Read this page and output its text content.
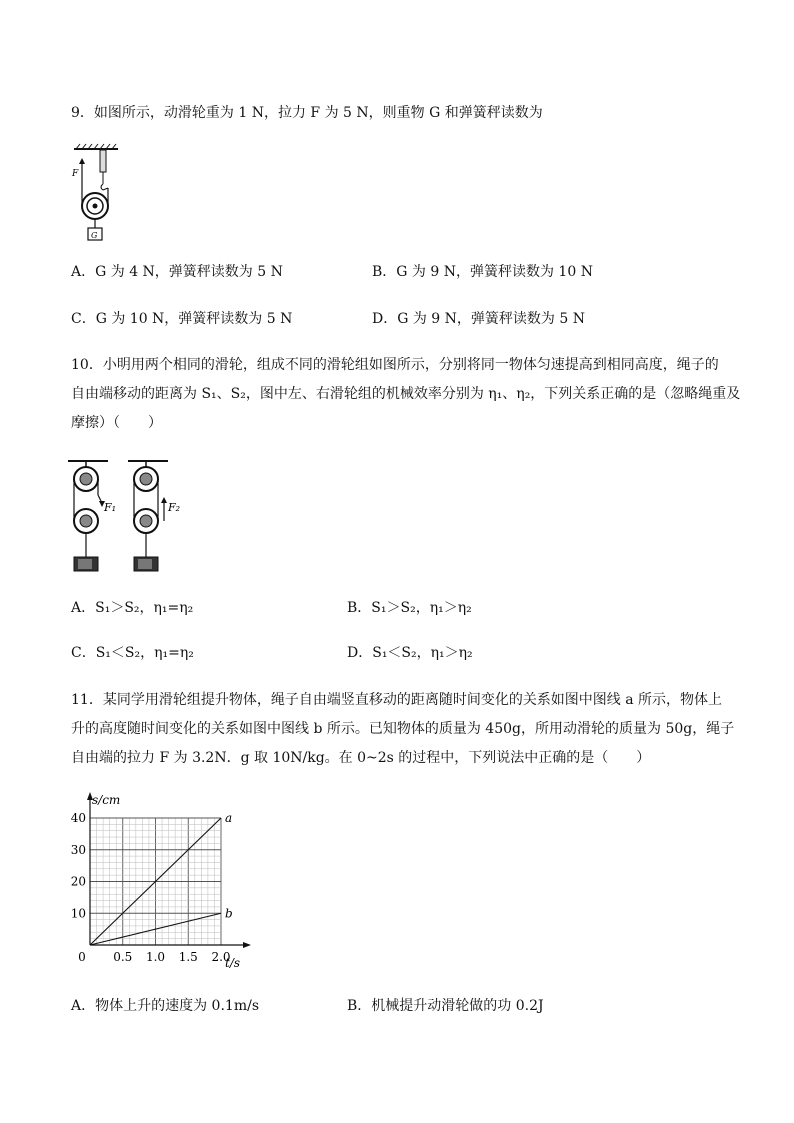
9．如图所示，动滑轮重为 1 N，拉力 F 为 5 N，则重物 G 和弹簧秤读数为
F
G
A．G 为 4 N，弹簧秤读数为 5 N	B．G 为 9 N，弹簧秤读数为 10 N
C．G 为 10 N，弹簧秤读数为 5 N	D．G 为 9 N，弹簧秤读数为 5 N
10．小明用两个相同的滑轮，组成不同的滑轮组如图所示，分别将同一物体匀速提高到相同高度，绳子的
自由端移动的距离为 S₁、S₂，图中左、右滑轮组的机械效率分别为 η₁、η₂，下列关系正确的是（忽略绳重及
摩擦）（　　）
F₁	F₂
A．S₁＞S₂，η₁=η₂	B．S₁＞S₂，η₁＞η₂
C．S₁＜S₂，η₁=η₂	D．S₁＜S₂，η₁＞η₂
11．某同学用滑轮组提升物体，绳子自由端竖直移动的距离随时间变化的关系如图中图线 a 所示，物体上
升的高度随时间变化的关系如图中图线 b 所示。已知物体的质量为 450g，所用动滑轮的质量为 50g，绳子
自由端的拉力 F 为 3.2N．g 取 10N/kg。在 0~2s 的过程中，下列说法中正确的是（　　）
0 0.5 1.0 1.5 2.0
10
20
30
40
s/cm
t/s
a
b
A．物体上升的速度为 0.1m/s	B．机械提升动滑轮做的功 0.2J
